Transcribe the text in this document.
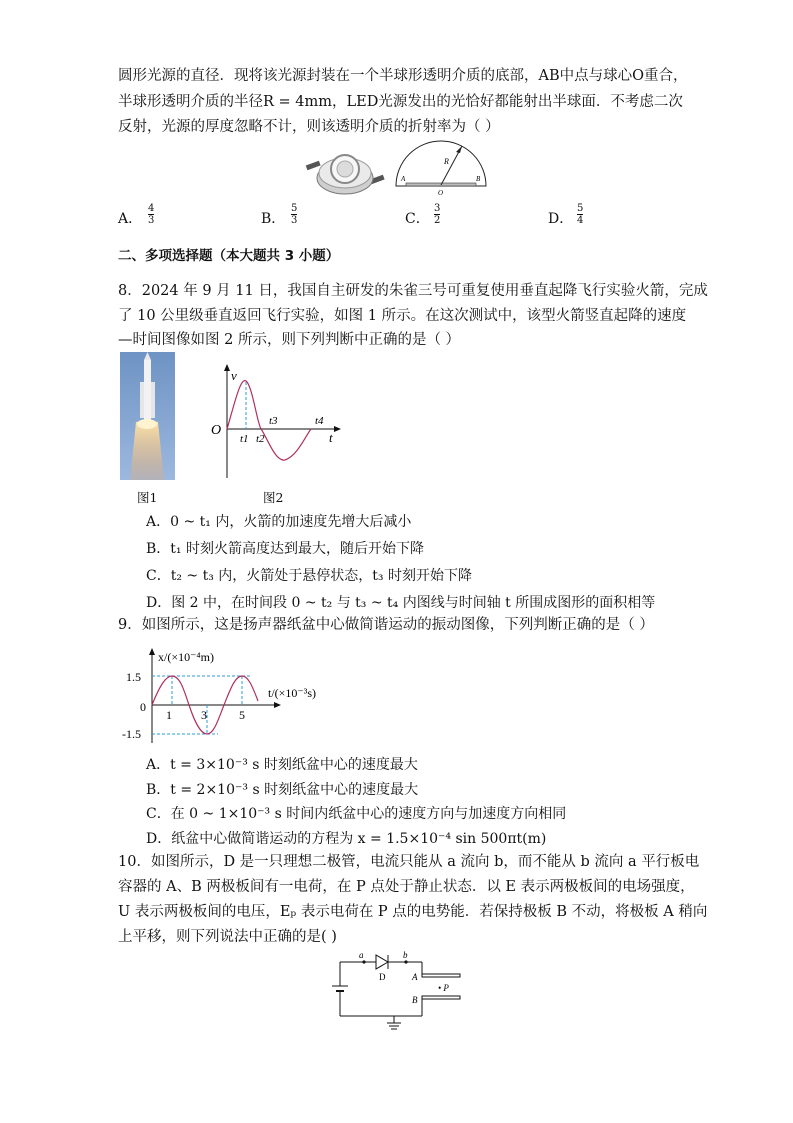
圆形光源的直径．现将该光源封装在一个半球形透明介质的底部，AB中点与球心O重合，
半球形透明介质的半径R = 4mm，LED光源发出的光恰好都能射出半球面．不考虑二次
反射，光源的厚度忽略不计，则该透明介质的折射率为（ ）
R
A	B
O
A． $\frac{4}{3}$	B． $\frac{5}{3}$	C． $\frac{3}{2}$	D． $\frac{5}{4}$
二、多项选择题（本大题共 3 小题）
8．2024 年 9 月 11 日，我国自主研发的朱雀三号可重复使用垂直起降飞行实验火箭，完成
了 10 公里级垂直返回飞行实验，如图 1 所示。在这次测试中，该型火箭竖直起降的速度
—时间图像如图 2 所示，则下列判断中正确的是（ ）
图1
v
O	t
t1 t2
t3	t4
图2
A．0 ~ t₁ 内，火箭的加速度先增大后减小
B．t₁ 时刻火箭高度达到最大，随后开始下降
C．t₂ ~ t₃ 内，火箭处于悬停状态，t₃ 时刻开始下降
D．图 2 中，在时间段 0 ~ t₂ 与 t₃ ~ t₄ 内图线与时间轴 t 所围成图形的面积相等
9．如图所示，这是扬声器纸盆中心做简谐运动的振动图像，下列判断正确的是（ ）
x/(×10⁻⁴m)
t/(×10⁻³s)
1.5
-1.5
0
1 3	5
A．t = 3×10⁻³ s 时刻纸盆中心的速度最大
B．t = 2×10⁻³ s 时刻纸盆中心的速度最大
C．在 0 ~ 1×10⁻³ s 时间内纸盆中心的速度方向与加速度方向相同
D．纸盆中心做简谐运动的方程为 x = 1.5×10⁻⁴ sin 500πt(m)
10．如图所示，D 是一只理想二极管，电流只能从 a 流向 b，而不能从 b 流向 a 平行板电
容器的 A、B 两极板间有一电荷，在 P 点处于静止状态．以 E 表示两极板间的电场强度，
U 表示两极板间的电压，Eₚ 表示电荷在 P 点的电势能．若保持极板 B 不动，将极板 A 稍向
上平移，则下列说法中正确的是( )
a	b
D	A
B
• P
